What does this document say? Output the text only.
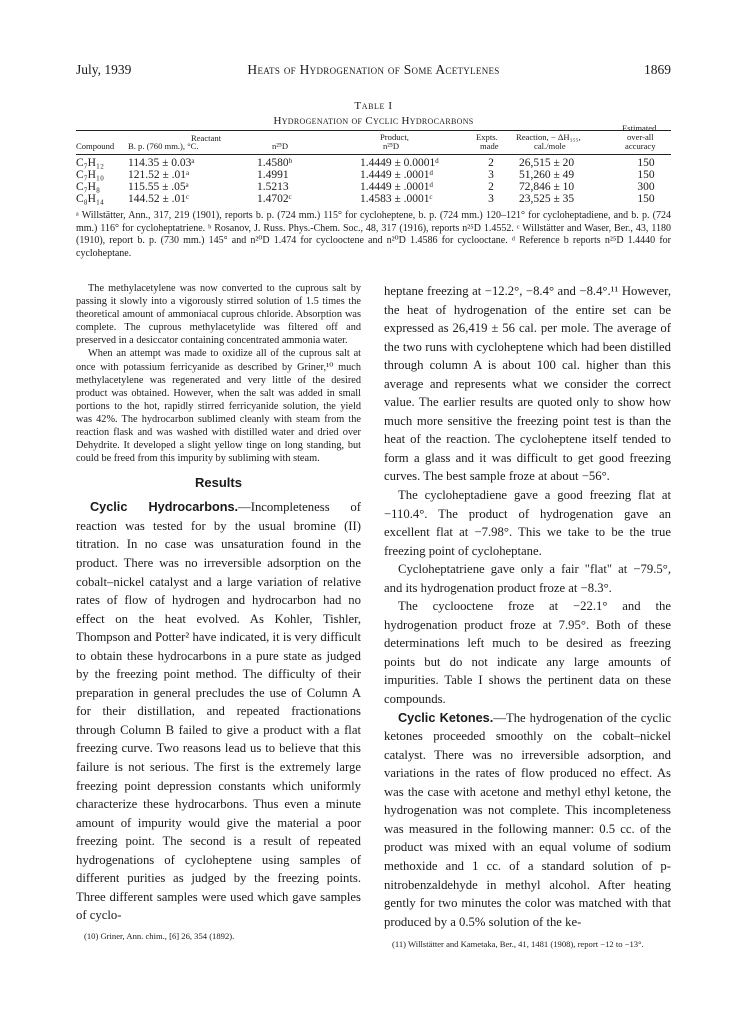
July, 1939	Heats of Hydrogenation of Some Acetylenes	1869
Table I
Hydrogenation of Cyclic Hydrocarbons
Compound
Reactant
B. p. (760 mm.), °C.	n²⁵D
Product,
n²⁵D
Expts.
made
Reaction, − ΔH₃₅₅,
cal./mole
Estimated
over-all
accuracy
C₇H₁₂ 114.35 ± 0.03ᵃ	1.4580ᵇ	1.4449 ± 0.0001ᵈ	2	26,515 ± 20	150
C₇H₁₀ 121.52 ± .01ᵃ	1.4991	1.4449 ± .0001ᵈ	3	51,260 ± 49	150
C₇H₈ 115.55 ± .05ᵃ	1.5213	1.4449 ± .0001ᵈ	2	72,846 ± 10	300
C₈H₁₄ 144.52 ± .01ᶜ	1.4702ᶜ	1.4583 ± .0001ᶜ	3	23,525 ± 35	150
ᵃ Willstätter, Ann., 317, 219 (1901), reports b. p. (724 mm.) 115° for cycloheptene, b. p. (724 mm.) 120–121° for cycloheptadiene, and b. p. (724 mm.) 116° for cycloheptatriene. ᵇ Rosanov, J. Russ. Phys.-Chem. Soc., 48, 317 (1916), reports n²⁵D 1.4552. ᶜ Willstätter and Waser, Ber., 43, 1180 (1910), report b. p. (730 mm.) 145° and n²⁰D 1.474 for cyclooctene and n²⁰D 1.4586 for cyclooctane. ᵈ Reference b reports n²⁵D 1.4440 for cycloheptane.

The methylacetylene was now converted to the cuprous salt by passing it slowly into a vigorously stirred solution of 1.5 times the theoretical amount of ammoniacal cuprous chloride. Absorption was complete. The cuprous methylacetylide was filtered off and preserved in a desiccator containing concentrated ammonia water.

When an attempt was made to oxidize all of the cuprous salt at once with potassium ferricyanide as described by Griner,¹⁰ much methylacetylene was regenerated and very little of the desired product was obtained. However, when the salt was added in small portions to the hot, rapidly stirred ferricyanide solution, the yield was 42%. The hydrocarbon sublimed cleanly with steam from the reaction flask and was washed with distilled water and dried over Dehydrite. It developed a slight yellow tinge on long standing, but could be freed from this impurity by subliming with steam.

Results

Cyclic Hydrocarbons.—Incompleteness of reaction was tested for by the usual bromine (II) titration. In no case was unsaturation found in the product. There was no irreversible adsorption on the cobalt–nickel catalyst and a large variation of relative rates of flow of hydrogen and hydrocarbon had no effect on the heat evolved. As Kohler, Tishler, Thompson and Potter² have indicated, it is very difficult to obtain these hydrocarbons in a pure state as judged by the freezing point method. The difficulty of their preparation in general precludes the use of Column A for their distillation, and repeated fractionations through Column B failed to give a product with a flat freezing curve. Two reasons lead us to believe that this failure is not serious. The first is the extremely large freezing point depression constants which uniformly characterize these hydrocarbons. Thus even a minute amount of impurity would give the material a poor freezing point. The second is a result of repeated hydrogenations of cycloheptene using samples of different purities as judged by the freezing points. Three different samples were used which gave samples of cyclo-

(10) Griner, Ann. chim., [6] 26, 354 (1892).

heptane freezing at −12.2°, −8.4° and −8.4°.¹¹ However, the heat of hydrogenation of the entire set can be expressed as 26,419 ± 56 cal. per mole. The average of the two runs with cycloheptene which had been distilled through column A is about 100 cal. higher than this average and represents what we consider the correct value. The earlier results are quoted only to show how much more sensitive the freezing point test is than the heat of the reaction. The cycloheptene itself tended to form a glass and it was difficult to get good freezing curves. The best sample froze at about −56°.

The cycloheptadiene gave a good freezing flat at −110.4°. The product of hydrogenation gave an excellent flat at −7.98°. This we take to be the true freezing point of cycloheptane.

Cycloheptatriene gave only a fair "flat" at −79.5°, and its hydrogenation product froze at −8.3°.

The cyclooctene froze at −22.1° and the hydrogenation product froze at 7.95°. Both of these determinations left much to be desired as freezing points but do not indicate any large amounts of impurities. Table I shows the pertinent data on these compounds.

Cyclic Ketones.—The hydrogenation of the cyclic ketones proceeded smoothly on the cobalt–nickel catalyst. There was no irreversible adsorption, and variations in the rates of flow produced no effect. As was the case with acetone and methyl ethyl ketone, the hydrogenation was not complete. This incompleteness was measured in the following manner: 0.5 cc. of the product was mixed with an equal volume of sodium methoxide and 1 cc. of a standard solution of p-nitrobenzaldehyde in methyl alcohol. After heating gently for two minutes the color was matched with that produced by a 0.5% solution of the ke-

(11) Willstätter and Kametaka, Ber., 41, 1481 (1908), report −12 to −13°.
